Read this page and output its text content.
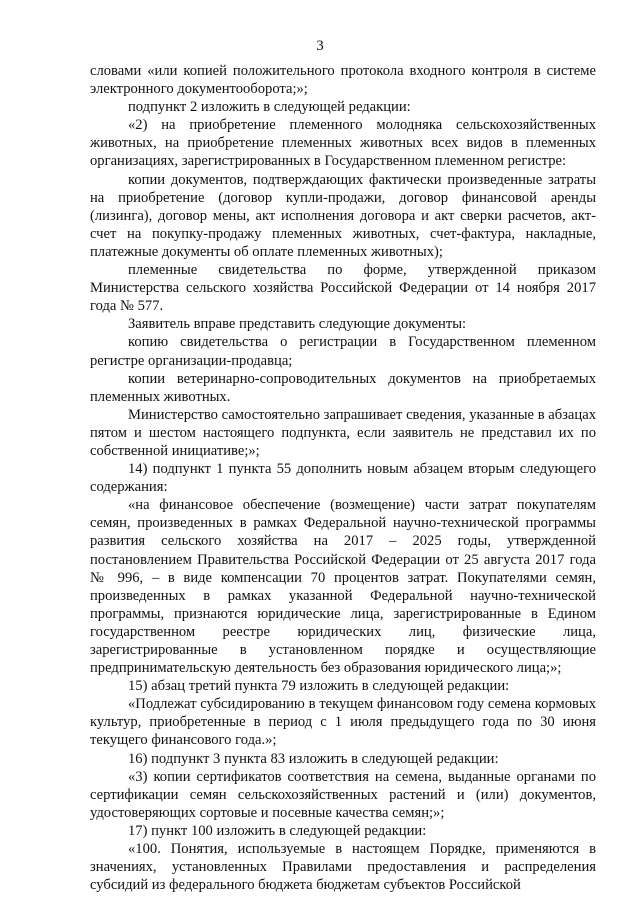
3

словами «или копией положительного протокола входного контроля в системе электронного документооборота;»;

подпункт 2 изложить в следующей редакции:

«2) на приобретение племенного молодняка сельскохозяйственных животных, на приобретение племенных животных всех видов в племенных организациях, зарегистрированных в Государственном племенном регистре:

копии документов, подтверждающих фактически произведенные затраты на приобретение (договор купли-продажи, договор финансовой аренды (лизинга), договор мены, акт исполнения договора и акт сверки расчетов, акт-счет на покупку-продажу племенных животных, счет-фактура, накладные, платежные документы об оплате племенных животных);

племенные свидетельства по форме, утвержденной приказом Министерства сельского хозяйства Российской Федерации от 14 ноября 2017 года № 577.

Заявитель вправе представить следующие документы:

копию свидетельства о регистрации в Государственном племенном регистре организации-продавца;

копии ветеринарно-сопроводительных документов на приобретаемых племенных животных.

Министерство самостоятельно запрашивает сведения, указанные в абзацах пятом и шестом настоящего подпункта, если заявитель не представил их по собственной инициативе;»;

14) подпункт 1 пункта 55 дополнить новым абзацем вторым следующего содержания:

«на финансовое обеспечение (возмещение) части затрат покупателям семян, произведенных в рамках Федеральной научно-технической программы развития сельского хозяйства на 2017 – 2025 годы, утвержденной постановлением Правительства Российской Федерации от 25 августа 2017 года № 996, – в виде компенсации 70 процентов затрат. Покупателями семян, произведенных в рамках указанной Федеральной научно-технической программы, признаются юридические лица, зарегистрированные в Едином государственном реестре юридических лиц, физические лица, зарегистрированные в установленном порядке и осуществляющие предпринимательскую деятельность без образования юридического лица;»;

15) абзац третий пункта 79 изложить в следующей редакции:

«Подлежат субсидированию в текущем финансовом году семена кормовых культур, приобретенные в период с 1 июля предыдущего года по 30 июня текущего финансового года.»;

16) подпункт 3 пункта 83 изложить в следующей редакции:

«3) копии сертификатов соответствия на семена, выданные органами по сертификации семян сельскохозяйственных растений и (или) документов, удостоверяющих сортовые и посевные качества семян;»;

17) пункт 100 изложить в следующей редакции:

«100. Понятия, используемые в настоящем Порядке, применяются в значениях, установленных Правилами предоставления и распределения субсидий из федерального бюджета бюджетам субъектов Российской
